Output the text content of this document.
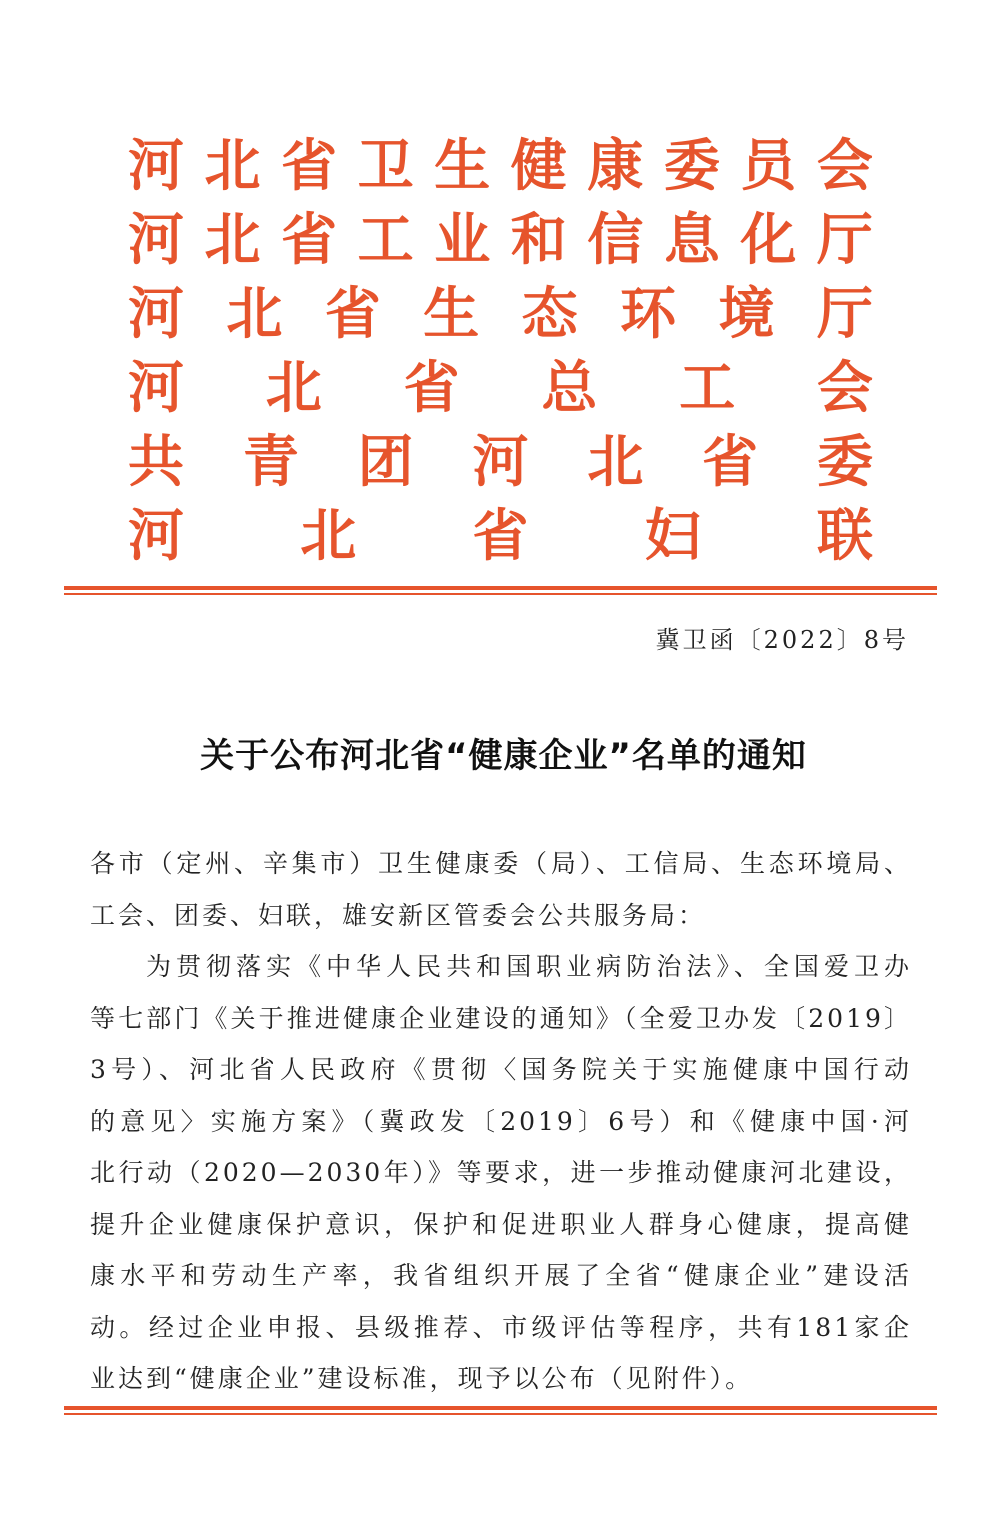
河 北 省 卫 生 健 康 委 员 会
河 北 省 工 业 和 信 息 化 厅
河 北 省 生 态 环 境 厅
河 北 省 总 工 会
共 青 团 河 北 省 委
河 北 省 妇 联
冀卫函〔2022〕8号
关于公布河北省“健康企业”名单的通知
各市（定州、辛集市）卫生健康委（局）、工信局、生态环境局、
工会、团委、妇联，雄安新区管委会公共服务局：
为贯彻落实《中华人民共和国职业病防治法》、全国爱卫办
等七部门《关于推进健康企业建设的通知》（全爱卫办发〔2019〕
3号）、河北省人民政府《贯彻〈国务院关于实施健康中国行动
的意见〉实施方案》（冀政发〔2019〕6号）和《健康中国·河
北行动（2020—2030年）》等要求，进一步推动健康河北建设，
提升企业健康保护意识，保护和促进职业人群身心健康，提高健
康水平和劳动生产率，我省组织开展了全省“健康企业”建设活
动。经过企业申报、县级推荐、市级评估等程序，共有181家企
业达到“健康企业”建设标准，现予以公布（见附件）。
